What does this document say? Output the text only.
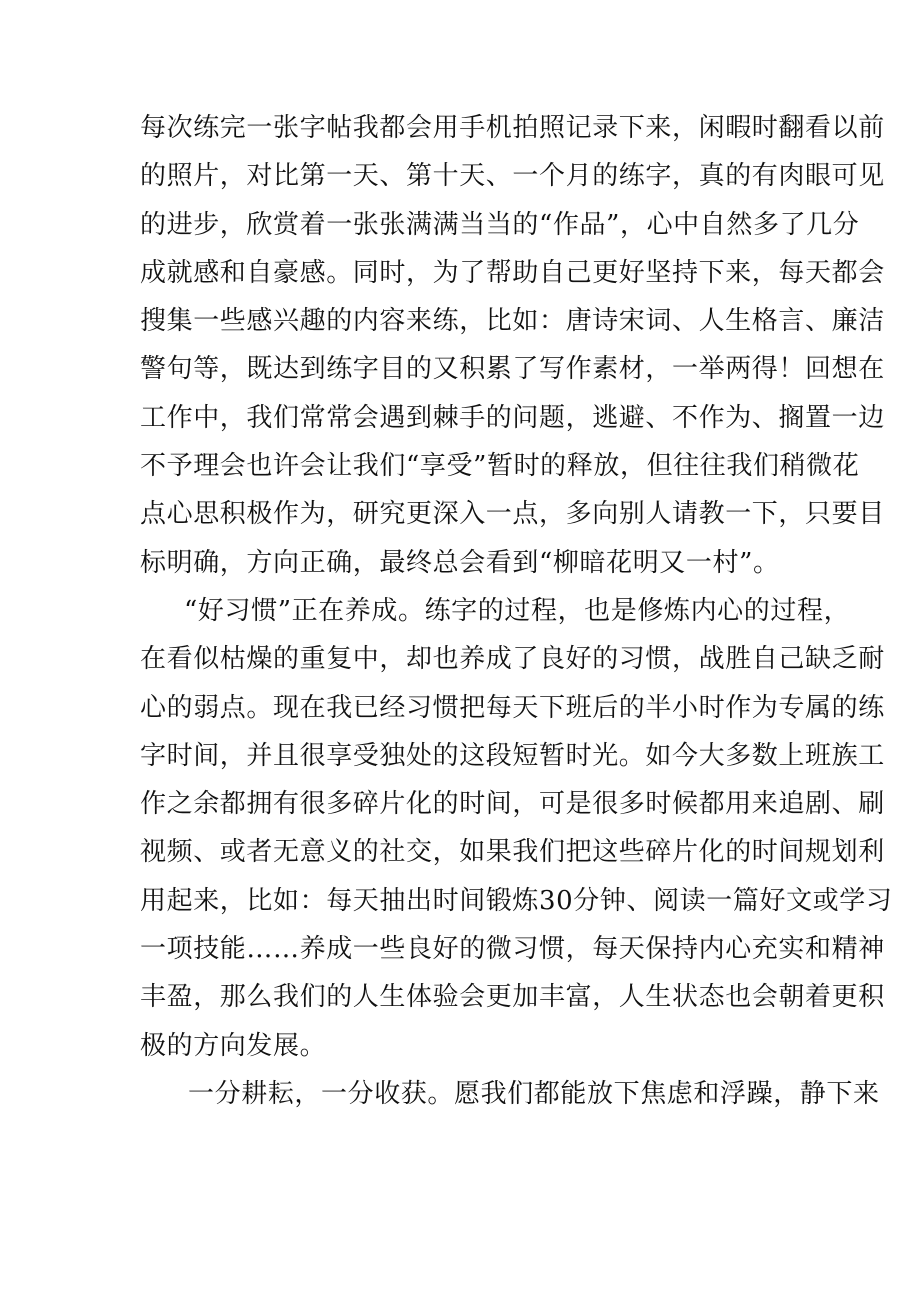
每次练完一张字帖我都会用手机拍照记录下来，闲暇时翻看以前
的照片，对比第一天、第十天、一个月的练字，真的有肉眼可见
的进步，欣赏着一张张满满当当的“作品”，心中自然多了几分
成就感和自豪感。同时，为了帮助自己更好坚持下来，每天都会
搜集一些感兴趣的内容来练，比如：唐诗宋词、人生格言、廉洁
警句等，既达到练字目的又积累了写作素材，一举两得！回想在
工作中，我们常常会遇到棘手的问题，逃避、不作为、搁置一边
不予理会也许会让我们“享受”暂时的释放，但往往我们稍微花
点心思积极作为，研究更深入一点，多向别人请教一下，只要目
标明确，方向正确，最终总会看到“柳暗花明又一村”。
“好习惯”正在养成。练字的过程，也是修炼内心的过程，
在看似枯燥的重复中，却也养成了良好的习惯，战胜自己缺乏耐
心的弱点。现在我已经习惯把每天下班后的半小时作为专属的练
字时间，并且很享受独处的这段短暂时光。如今大多数上班族工
作之余都拥有很多碎片化的时间，可是很多时候都用来追剧、刷
视频、或者无意义的社交，如果我们把这些碎片化的时间规划利
用起来，比如：每天抽出时间锻炼30分钟、阅读一篇好文或学习
一项技能……养成一些良好的微习惯，每天保持内心充实和精神
丰盈，那么我们的人生体验会更加丰富，人生状态也会朝着更积
极的方向发展。
一分耕耘，一分收获。愿我们都能放下焦虑和浮躁，静下来
